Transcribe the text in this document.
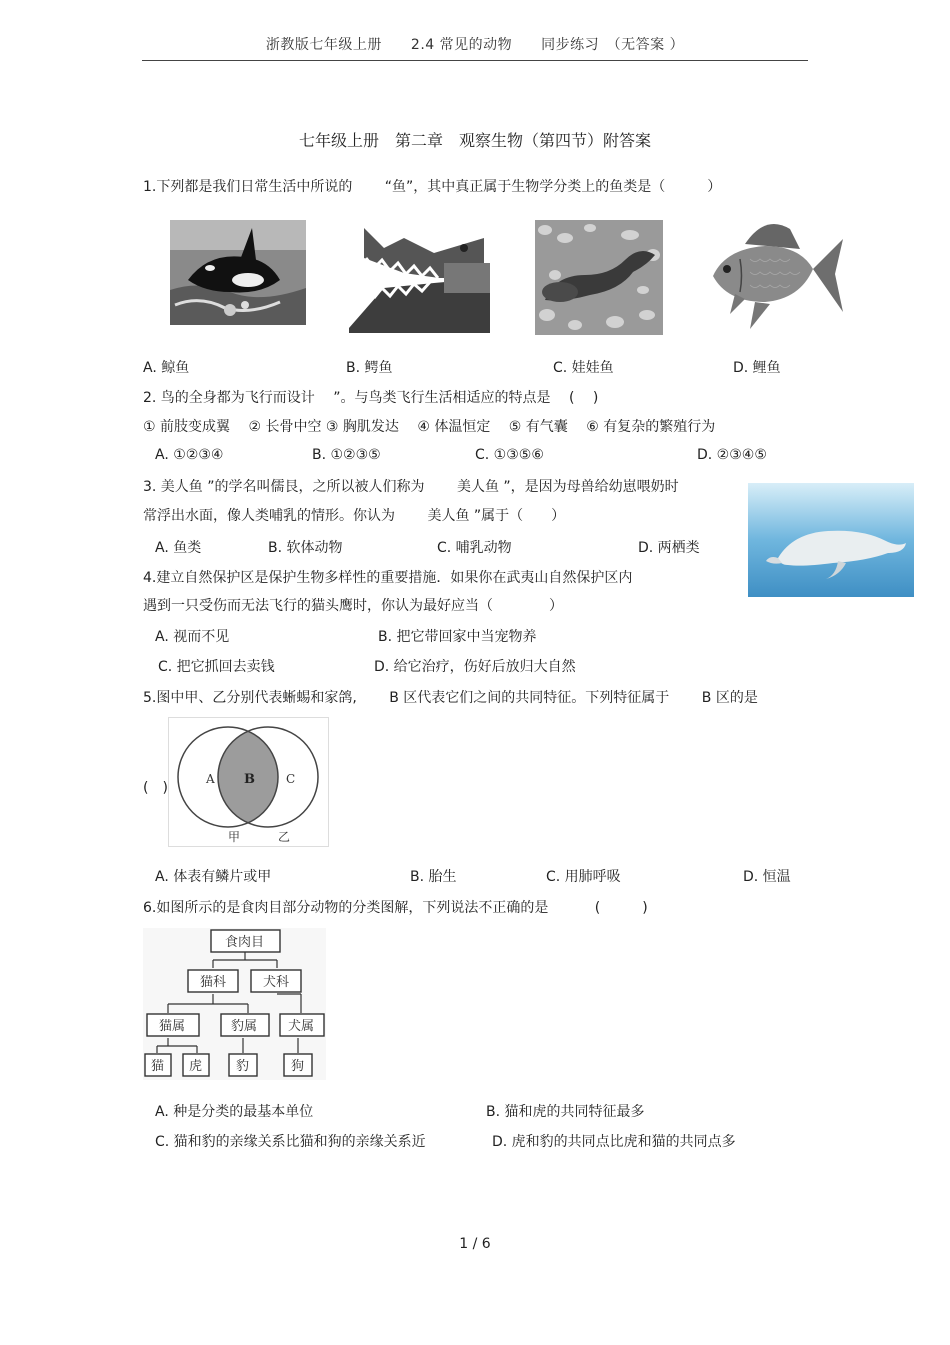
浙教版七年级上册　　2.4 常见的动物　　同步练习　（无答案 ）
七年级上册　第二章　观察生物（第四节）附答案
1.下列都是我们日常生活中所说的　　 “鱼”，其中真正属于生物学分类上的鱼类是（　　　）
A. 鲸鱼	B. 鳄鱼	C. 娃娃鱼	D. 鲤鱼
2. 鸟的全身都为飞行而设计　 ”。与鸟类飞行生活相适应的特点是　 (　 )
① 前肢变成翼　 ② 长骨中空 ③ 胸肌发达　 ④ 体温恒定　 ⑤ 有气囊　 ⑥ 有复杂的繁殖行为
A. ①②③④	B. ①②③⑤	C. ①③⑤⑥	D. ②③④⑤
3. 美人鱼 ”的学名叫儒艮，之所以被人们称为　　 美人鱼 ”，是因为母兽给幼崽喂奶时
常浮出水面，像人类哺乳的情形。你认为　　 美人鱼 ”属于（　　）
A. 鱼类	B. 软体动物	C. 哺乳动物	D. 两栖类
4.建立自然保护区是保护生物多样性的重要措施．如果你在武夷山自然保护区内
遇到一只受伤而无法飞行的猫头鹰时，你认为最好应当（　　　　）
A. 视而不见	B. 把它带回家中当宠物养
C. 把它抓回去卖钱	D. 给它治疗，伤好后放归大自然
5.图中甲、乙分别代表蜥蜴和家鸽,　　 B 区代表它们之间的共同特征。下列特征属于　　 B 区的是
A B	C
甲	乙
(　)
A. 体表有鳞片或甲	B. 胎生	C. 用肺呼吸	D. 恒温
6.如图所示的是食肉目部分动物的分类图解，下列说法不正确的是　　　 (　　　)
食肉目
猫科	犬科
猫属	豹属 犬属
猫 虎	豹	狗
A. 种是分类的最基本单位	B. 猫和虎的共同特征最多
C. 猫和豹的亲缘关系比猫和狗的亲缘关系近	D. 虎和豹的共同点比虎和猫的共同点多
1 / 6
